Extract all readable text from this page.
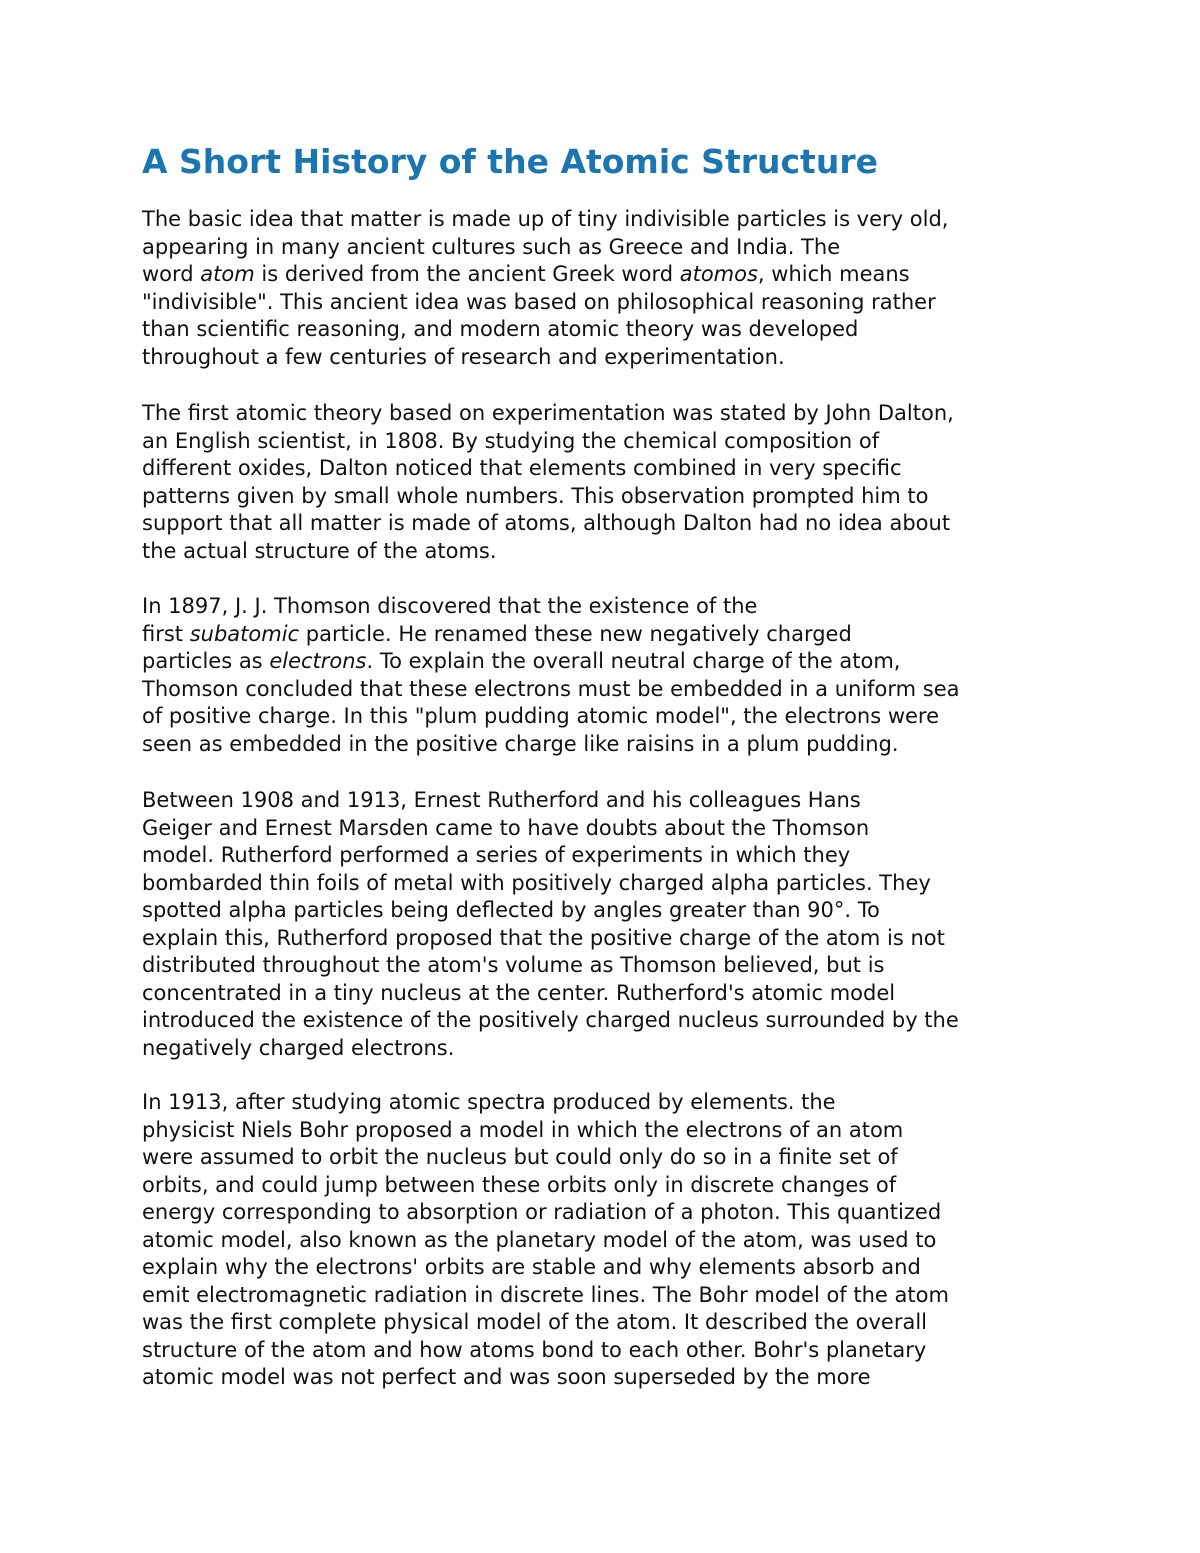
A Short History of the Atomic Structure
The basic idea that matter is made up of tiny indivisible particles is very old,
appearing in many ancient cultures such as Greece and India. The
word atom is derived from the ancient Greek word atomos, which means
"indivisible". This ancient idea was based on philosophical reasoning rather
than scientific reasoning, and modern atomic theory was developed
throughout a few centuries of research and experimentation.
The first atomic theory based on experimentation was stated by John Dalton,
an English scientist, in 1808. By studying the chemical composition of
different oxides, Dalton noticed that elements combined in very specific
patterns given by small whole numbers. This observation prompted him to
support that all matter is made of atoms, although Dalton had no idea about
the actual structure of the atoms.
In 1897, J. J. Thomson discovered that the existence of the
first subatomic particle. He renamed these new negatively charged
particles as electrons. To explain the overall neutral charge of the atom,
Thomson concluded that these electrons must be embedded in a uniform sea
of positive charge. In this "plum pudding atomic model", the electrons were
seen as embedded in the positive charge like raisins in a plum pudding.
Between 1908 and 1913, Ernest Rutherford and his colleagues Hans
Geiger and Ernest Marsden came to have doubts about the Thomson
model. Rutherford performed a series of experiments in which they
bombarded thin foils of metal with positively charged alpha particles. They
spotted alpha particles being deflected by angles greater than 90°. To
explain this, Rutherford proposed that the positive charge of the atom is not
distributed throughout the atom's volume as Thomson believed, but is
concentrated in a tiny nucleus at the center. Rutherford's atomic model
introduced the existence of the positively charged nucleus surrounded by the
negatively charged electrons.
In 1913, after studying atomic spectra produced by elements. the
physicist Niels Bohr proposed a model in which the electrons of an atom
were assumed to orbit the nucleus but could only do so in a finite set of
orbits, and could jump between these orbits only in discrete changes of
energy corresponding to absorption or radiation of a photon. This quantized
atomic model, also known as the planetary model of the atom, was used to
explain why the electrons' orbits are stable and why elements absorb and
emit electromagnetic radiation in discrete lines. The Bohr model of the atom
was the first complete physical model of the atom. It described the overall
structure of the atom and how atoms bond to each other. Bohr's planetary
atomic model was not perfect and was soon superseded by the more
